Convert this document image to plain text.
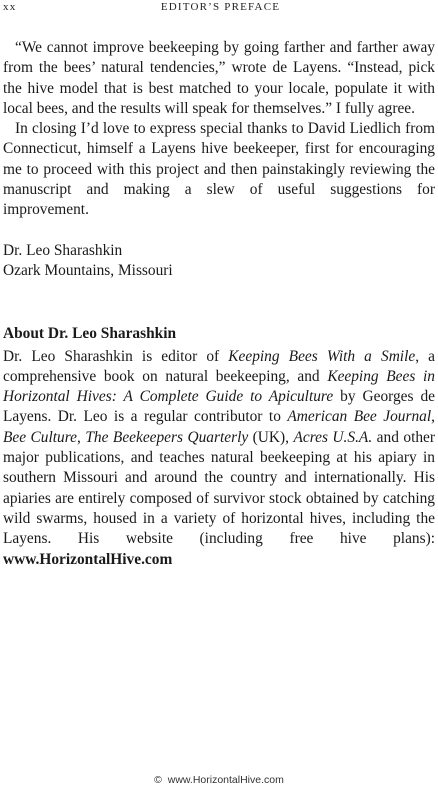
xx	EDITOR’S PREFACE

“We cannot improve beekeeping by going farther and farther away from the bees’ natural tendencies,” wrote de Layens. “Instead, pick the hive model that is best matched to your locale, populate it with local bees, and the results will speak for themselves.” I fully agree.

In closing I’d love to express special thanks to David Liedlich from Connecticut, himself a Layens hive beekeeper, first for encouraging me to proceed with this project and then painstakingly reviewing the manuscript and making a slew of useful suggestions for improvement.

Dr. Leo Sharashkin
Ozark Mountains, Missouri
About Dr. Leo Sharashkin

Dr. Leo Sharashkin is editor of Keeping Bees With a Smile, a comprehensive book on natural beekeeping, and Keeping Bees in Horizontal Hives: A Complete Guide to Apiculture by Georges de Layens. Dr. Leo is a regular contributor to American Bee Journal, Bee Culture, The Beekeepers Quarterly (UK), Acres U.S.A. and other major publications, and teaches natural beekeeping at his apiary in southern Missouri and around the country and internationally. His apiaries are entirely composed of survivor stock obtained by catching wild swarms, housed in a variety of horizontal hives, including the Layens. His website (including free hive plans): www.HorizontalHive.com

© www.HorizontalHive.com
